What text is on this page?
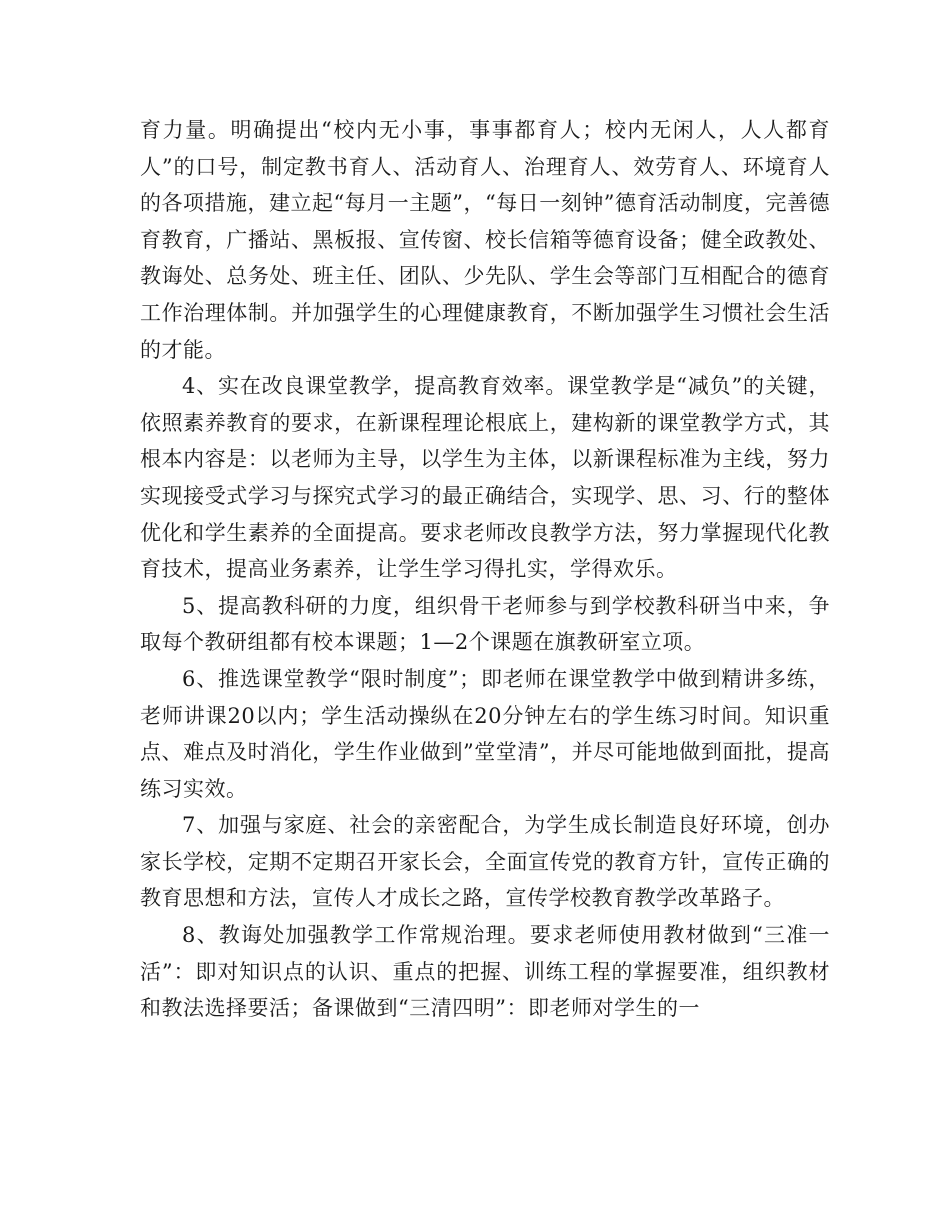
育力量。明确提出“校内无小事，事事都育人；校内无闲人，人人都育人”的口号，制定教书育人、活动育人、治理育人、效劳育人、环境育人的各项措施，建立起“每月一主题”，“每日一刻钟”德育活动制度，完善德育教育，广播站、黑板报、宣传窗、校长信箱等德育设备；健全政教处、教诲处、总务处、班主任、团队、少先队、学生会等部门互相配合的德育工作治理体制。并加强学生的心理健康教育，不断加强学生习惯社会生活的才能。

4、实在改良课堂教学，提高教育效率。课堂教学是“减负”的关键，依照素养教育的要求，在新课程理论根底上，建构新的课堂教学方式，其根本内容是：以老师为主导，以学生为主体，以新课程标准为主线，努力实现接受式学习与探究式学习的最正确结合，实现学、思、习、行的整体优化和学生素养的全面提高。要求老师改良教学方法，努力掌握现代化教育技术，提高业务素养，让学生学习得扎实，学得欢乐。

5、提高教科研的力度，组织骨干老师参与到学校教科研当中来，争取每个教研组都有校本课题；1—2个课题在旗教研室立项。

6、推选课堂教学“限时制度”；即老师在课堂教学中做到精讲多练，老师讲课20以内；学生活动操纵在20分钟左右的学生练习时间。知识重点、难点及时消化，学生作业做到”堂堂清”，并尽可能地做到面批，提高练习实效。

7、加强与家庭、社会的亲密配合，为学生成长制造良好环境，创办家长学校，定期不定期召开家长会，全面宣传党的教育方针，宣传正确的教育思想和方法，宣传人才成长之路，宣传学校教育教学改革路子。

8、教诲处加强教学工作常规治理。要求老师使用教材做到“三准一活”：即对知识点的认识、重点的把握、训练工程的掌握要准，组织教材和教法选择要活；备课做到“三清四明”：即老师对学生的一
